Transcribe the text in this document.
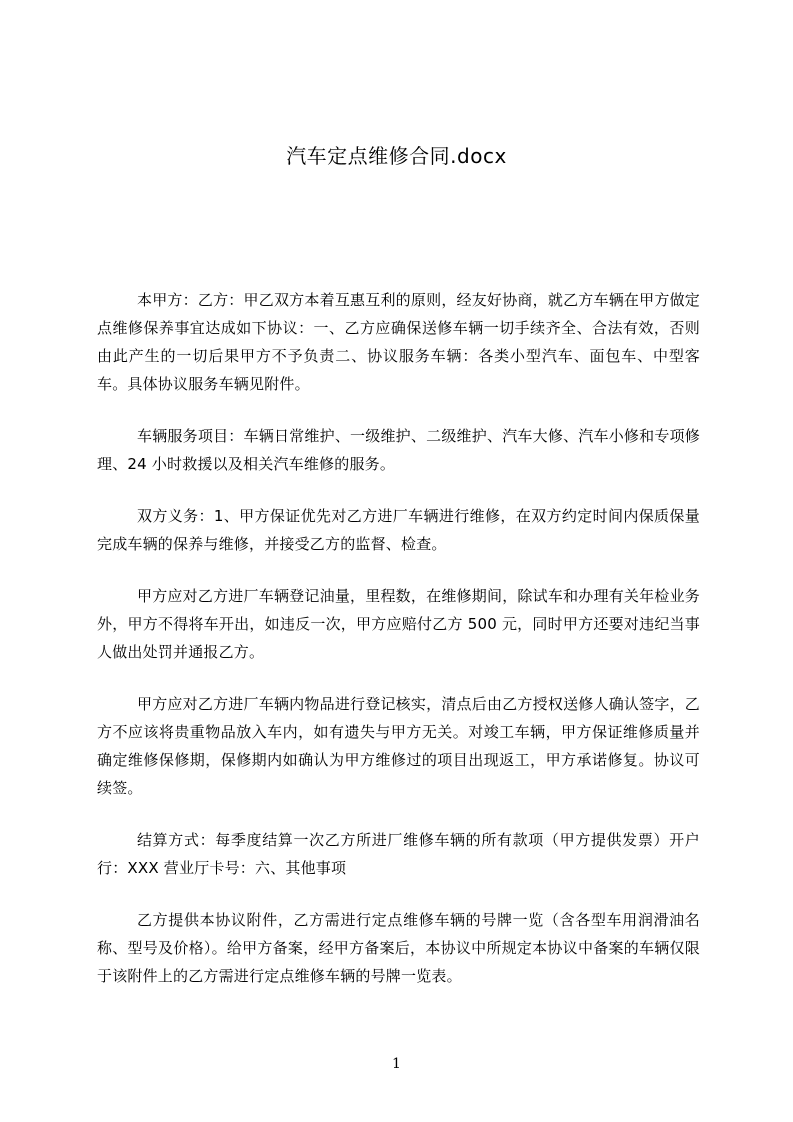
汽车定点维修合同.docx

本甲方：乙方：甲乙双方本着互惠互利的原则，经友好协商，就乙方车辆在甲方做定点维修保养事宜达成如下协议：一、乙方应确保送修车辆一切手续齐全、合法有效，否则由此产生的一切后果甲方不予负责二、协议服务车辆：各类小型汽车、面包车、中型客车。具体协议服务车辆见附件。

车辆服务项目：车辆日常维护、一级维护、二级维护、汽车大修、汽车小修和专项修理、24 小时救援以及相关汽车维修的服务。

双方义务：1、甲方保证优先对乙方进厂车辆进行维修，在双方约定时间内保质保量完成车辆的保养与维修，并接受乙方的监督、检查。

甲方应对乙方进厂车辆登记油量，里程数，在维修期间，除试车和办理有关年检业务外，甲方不得将车开出，如违反一次，甲方应赔付乙方 500 元，同时甲方还要对违纪当事人做出处罚并通报乙方。

甲方应对乙方进厂车辆内物品进行登记核实，清点后由乙方授权送修人确认签字，乙方不应该将贵重物品放入车内，如有遗失与甲方无关。对竣工车辆，甲方保证维修质量并确定维修保修期，保修期内如确认为甲方维修过的项目出现返工，甲方承诺修复。协议可续签。

结算方式：每季度结算一次乙方所进厂维修车辆的所有款项（甲方提供发票）开户行：XXX 营业厅卡号：六、其他事项

乙方提供本协议附件，乙方需进行定点维修车辆的号牌一览（含各型车用润滑油名称、型号及价格）。给甲方备案，经甲方备案后，本协议中所规定本协议中备案的车辆仅限于该附件上的乙方需进行定点维修车辆的号牌一览表。

1
